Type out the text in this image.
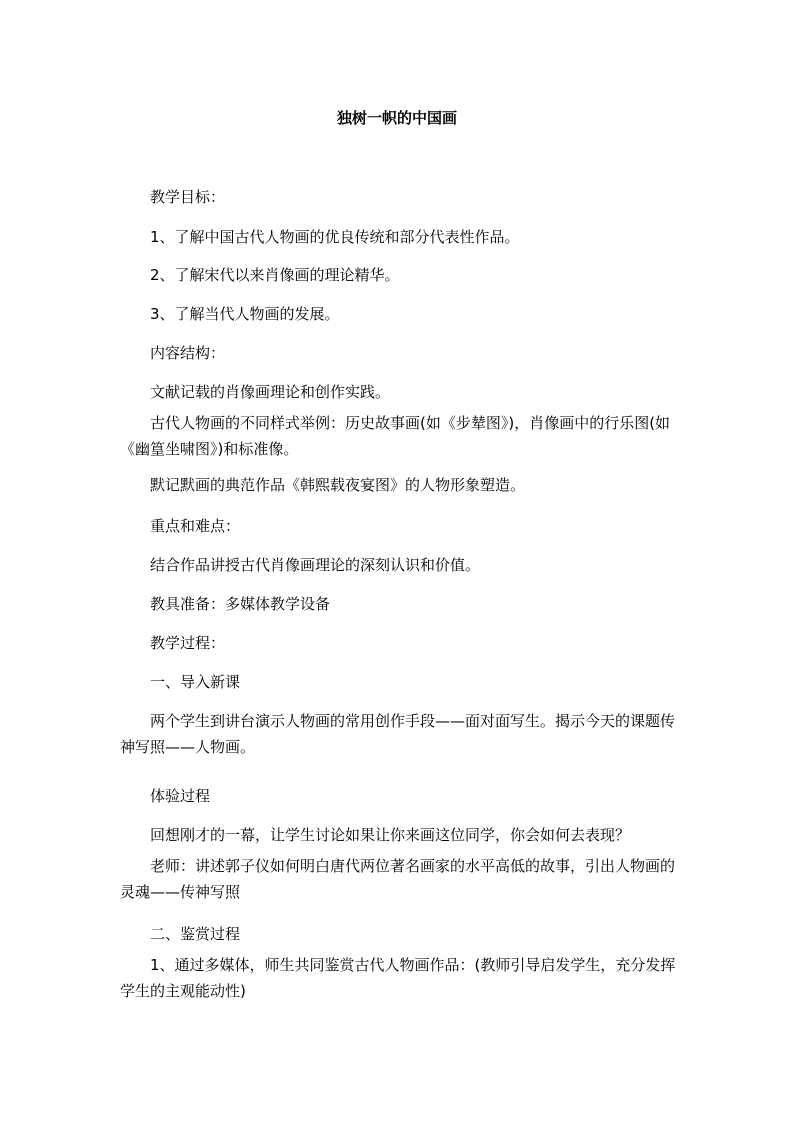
独树一帜的中国画
教学目标：
1、了解中国古代人物画的优良传统和部分代表性作品。
2、了解宋代以来肖像画的理论精华。
3、了解当代人物画的发展。
内容结构：
文献记载的肖像画理论和创作实践。
古代人物画的不同样式举例：历史故事画(如《步辇图》)，肖像画中的行乐图(如《幽篁坐啸图》)和标准像。
默记默画的典范作品《韩熙载夜宴图》的人物形象塑造。
重点和难点：
结合作品讲授古代肖像画理论的深刻认识和价值。
教具准备：多媒体教学设备
教学过程：
一、导入新课
两个学生到讲台演示人物画的常用创作手段——面对面写生。揭示今天的课题传神写照——人物画。
体验过程
回想刚才的一幕，让学生讨论如果让你来画这位同学，你会如何去表现？
老师：讲述郭子仪如何明白唐代两位著名画家的水平高低的故事，引出人物画的灵魂——传神写照
二、鉴赏过程
1、通过多媒体，师生共同鉴赏古代人物画作品：(教师引导启发学生，充分发挥学生的主观能动性)
